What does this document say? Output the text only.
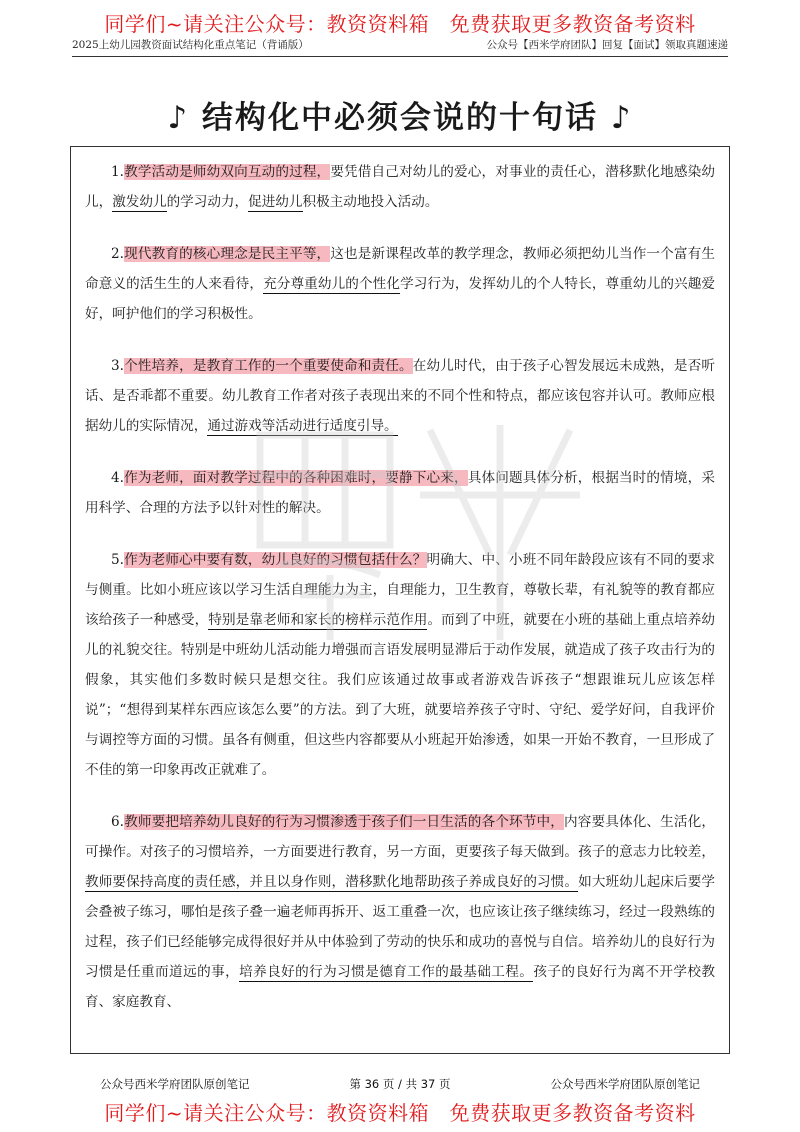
同学们~请关注公众号：教资资料箱　免费获取更多教资备考资料
2025上幼儿园教资面试结构化重点笔记（背诵版）	公众号【西米学府团队】回复【面试】领取真题速递
♪ 结构化中必须会说的十句话 ♪

1.教学活动是师幼双向互动的过程，要凭借自己对幼儿的爱心，对事业的责任心，潜移默化地感染幼儿，激发幼儿的学习动力，促进幼儿积极主动地投入活动。

2.现代教育的核心理念是民主平等，这也是新课程改革的教学理念，教师必须把幼儿当作一个富有生命意义的活生生的人来看待，充分尊重幼儿的个性化学习行为，发挥幼儿的个人特长，尊重幼儿的兴趣爱好，呵护他们的学习积极性。

3.个性培养，是教育工作的一个重要使命和责任。在幼儿时代，由于孩子心智发展远未成熟，是否听话、是否乖都不重要。幼儿教育工作者对孩子表现出来的不同个性和特点，都应该包容并认可。教师应根据幼儿的实际情况，通过游戏等活动进行适度引导。

4.作为老师，面对教学过程中的各种困难时，要静下心来，具体问题具体分析，根据当时的情境，采用科学、合理的方法予以针对性的解决。

5.作为老师心中要有数，幼儿良好的习惯包括什么？明确大、中、小班不同年龄段应该有不同的要求与侧重。比如小班应该以学习生活自理能力为主，自理能力，卫生教育，尊敬长辈，有礼貌等的教育都应该给孩子一种感受，特别是靠老师和家长的榜样示范作用。而到了中班，就要在小班的基础上重点培养幼儿的礼貌交往。特别是中班幼儿活动能力增强而言语发展明显滞后于动作发展，就造成了孩子攻击行为的假象，其实他们多数时候只是想交往。我们应该通过故事或者游戏告诉孩子“想跟谁玩儿应该怎样说”；“想得到某样东西应该怎么要”的方法。到了大班，就要培养孩子守时、守纪、爱学好问，自我评价与调控等方面的习惯。虽各有侧重，但这些内容都要从小班起开始渗透，如果一开始不教育，一旦形成了不佳的第一印象再改正就难了。

6.教师要把培养幼儿良好的行为习惯渗透于孩子们一日生活的各个环节中，内容要具体化、生活化，可操作。对孩子的习惯培养，一方面要进行教育，另一方面，更要孩子每天做到。孩子的意志力比较差，教师要保持高度的责任感，并且以身作则，潜移默化地帮助孩子养成良好的习惯。如大班幼儿起床后要学会叠被子练习，哪怕是孩子叠一遍老师再拆开、返工重叠一次，也应该让孩子继续练习，经过一段熟练的过程，孩子们已经能够完成得很好并从中体验到了劳动的快乐和成功的喜悦与自信。培养幼儿的良好行为习惯是任重而道远的事，培养良好的行为习惯是德育工作的最基础工程。孩子的良好行为离不开学校教育、家庭教育、

公众号西米学府团队原创笔记	第 36 页 / 共 37 页	公众号西米学府团队原创笔记
同学们~请关注公众号：教资资料箱　免费获取更多教资备考资料
